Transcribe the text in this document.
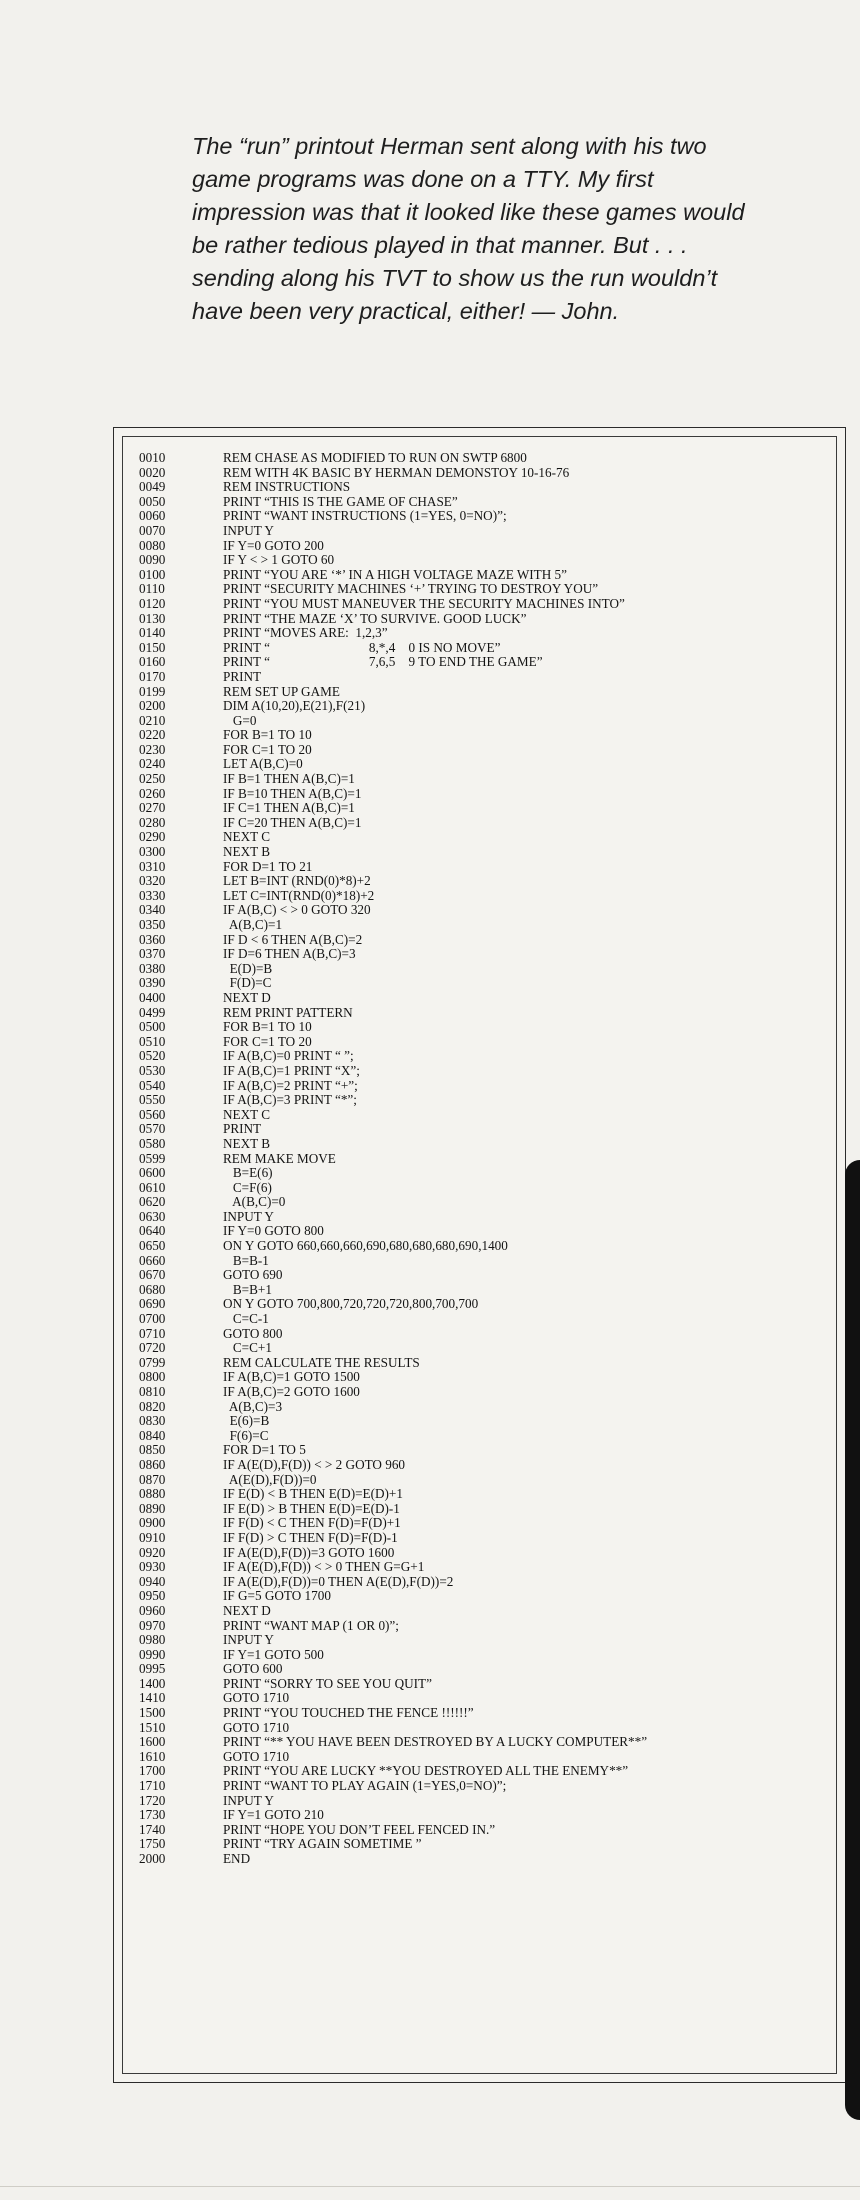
The “run” printout Herman sent along with his two game programs was done on a TTY. My first impression was that it looked like these games would be rather tedious played in that manner. But . . . sending along his TVT to show us the run wouldn’t have been very practical, either! — John.

0010	REM CHASE AS MODIFIED TO RUN ON SWTP 6800
0020	REM WITH 4K BASIC BY HERMAN DEMONSTOY 10-16-76
0049	REM INSTRUCTIONS
0050	PRINT “THIS IS THE GAME OF CHASE”
0060	PRINT “WANT INSTRUCTIONS (1=YES, 0=NO)”;
0070	INPUT Y
0080	IF Y=0 GOTO 200
0090	IF Y < > 1 GOTO 60
0100	PRINT “YOU ARE ‘*’ IN A HIGH VOLTAGE MAZE WITH 5”
0110	PRINT “SECURITY MACHINES ‘+’ TRYING TO DESTROY YOU”
0120	PRINT “YOU MUST MANEUVER THE SECURITY MACHINES INTO”
0130	PRINT “THE MAZE ‘X’ TO SURVIVE. GOOD LUCK”
0140	PRINT “MOVES ARE:  1,2,3”
0150	PRINT “                              8,*,4    0 IS NO MOVE”
0160	PRINT “                              7,6,5    9 TO END THE GAME”
0170	PRINT
0199	REM SET UP GAME
0200	DIM A(10,20),E(21),F(21)
0210	G=0
0220	FOR B=1 TO 10
0230	FOR C=1 TO 20
0240	LET A(B,C)=0
0250	IF B=1 THEN A(B,C)=1
0260	IF B=10 THEN A(B,C)=1
0270	IF C=1 THEN A(B,C)=1
0280	IF C=20 THEN A(B,C)=1
0290	NEXT C
0300	NEXT B
0310	FOR D=1 TO 21
0320	LET B=INT (RND(0)*8)+2
0330	LET C=INT(RND(0)*18)+2
0340	IF A(B,C) < > 0 GOTO 320
0350	A(B,C)=1
0360	IF D < 6 THEN A(B,C)=2
0370	IF D=6 THEN A(B,C)=3
0380	E(D)=B
0390	F(D)=C
0400	NEXT D
0499	REM PRINT PATTERN
0500	FOR B=1 TO 10
0510	FOR C=1 TO 20
0520	IF A(B,C)=0 PRINT “ ”;
0530	IF A(B,C)=1 PRINT “X”;
0540	IF A(B,C)=2 PRINT “+”;
0550	IF A(B,C)=3 PRINT “*”;
0560	NEXT C
0570	PRINT
0580	NEXT B
0599	REM MAKE MOVE
0600	B=E(6)
0610	C=F(6)
0620	A(B,C)=0
0630	INPUT Y
0640	IF Y=0 GOTO 800
0650	ON Y GOTO 660,660,660,690,680,680,680,690,1400
0660	B=B-1
0670	GOTO 690
0680	B=B+1
0690	ON Y GOTO 700,800,720,720,720,800,700,700
0700	C=C-1
0710	GOTO 800
0720	C=C+1
0799	REM CALCULATE THE RESULTS
0800	IF A(B,C)=1 GOTO 1500
0810	IF A(B,C)=2 GOTO 1600
0820	A(B,C)=3
0830	E(6)=B
0840	F(6)=C
0850	FOR D=1 TO 5
0860	IF A(E(D),F(D)) < > 2 GOTO 960
0870	A(E(D),F(D))=0
0880	IF E(D) < B THEN E(D)=E(D)+1
0890	IF E(D) > B THEN E(D)=E(D)-1
0900	IF F(D) < C THEN F(D)=F(D)+1
0910	IF F(D) > C THEN F(D)=F(D)-1
0920	IF A(E(D),F(D))=3 GOTO 1600
0930	IF A(E(D),F(D)) < > 0 THEN G=G+1
0940	IF A(E(D),F(D))=0 THEN A(E(D),F(D))=2
0950	IF G=5 GOTO 1700
0960	NEXT D
0970	PRINT “WANT MAP (1 OR 0)”;
0980	INPUT Y
0990	IF Y=1 GOTO 500
0995	GOTO 600
1400	PRINT “SORRY TO SEE YOU QUIT”
1410	GOTO 1710
1500	PRINT “YOU TOUCHED THE FENCE !!!!!!”
1510	GOTO 1710
1600	PRINT “** YOU HAVE BEEN DESTROYED BY A LUCKY COMPUTER**”
1610	GOTO 1710
1700	PRINT “YOU ARE LUCKY **YOU DESTROYED ALL THE ENEMY**”
1710	PRINT “WANT TO PLAY AGAIN (1=YES,0=NO)”;
1720	INPUT Y
1730	IF Y=1 GOTO 210
1740	PRINT “HOPE YOU DON’T FEEL FENCED IN.”
1750	PRINT “TRY AGAIN SOMETIME ”
2000	END
